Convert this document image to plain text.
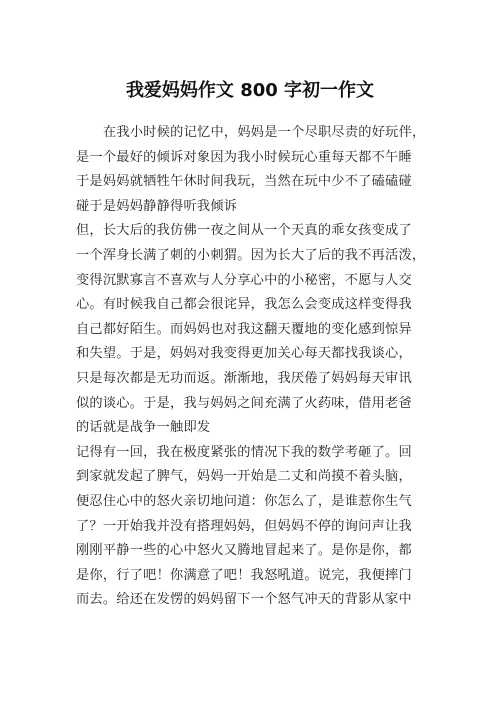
我爱妈妈作文 800 字初一作文
在我小时候的记忆中，妈妈是一个尽职尽责的好玩伴，
是一个最好的倾诉对象因为我小时候玩心重每天都不午睡
于是妈妈就牺牲午休时间我玩，当然在玩中少不了磕磕碰
碰于是妈妈静静得听我倾诉
但，长大后的我仿佛一夜之间从一个天真的乖女孩变成了
一个浑身长满了刺的小刺猬。因为长大了后的我不再活泼，
变得沉默寡言不喜欢与人分享心中的小秘密，不愿与人交
心。有时候我自己都会很诧异，我怎么会变成这样变得我
自己都好陌生。而妈妈也对我这翻天覆地的变化感到惊异
和失望。于是，妈妈对我变得更加关心每天都找我谈心，
只是每次都是无功而返。渐渐地，我厌倦了妈妈每天审讯
似的谈心。于是，我与妈妈之间充满了火药味，借用老爸
的话就是战争一触即发
记得有一回，我在极度紧张的情况下我的数学考砸了。回
到家就发起了脾气，妈妈一开始是二丈和尚摸不着头脑，
便忍住心中的怒火亲切地问道：你怎么了，是谁惹你生气
了？一开始我并没有搭理妈妈，但妈妈不停的询问声让我
刚刚平静一些的心中怒火又腾地冒起来了。是你是你，都
是你，行了吧！你满意了吧！我怒吼道。说完，我便摔门
而去。给还在发愣的妈妈留下一个怒气冲天的背影从家中
